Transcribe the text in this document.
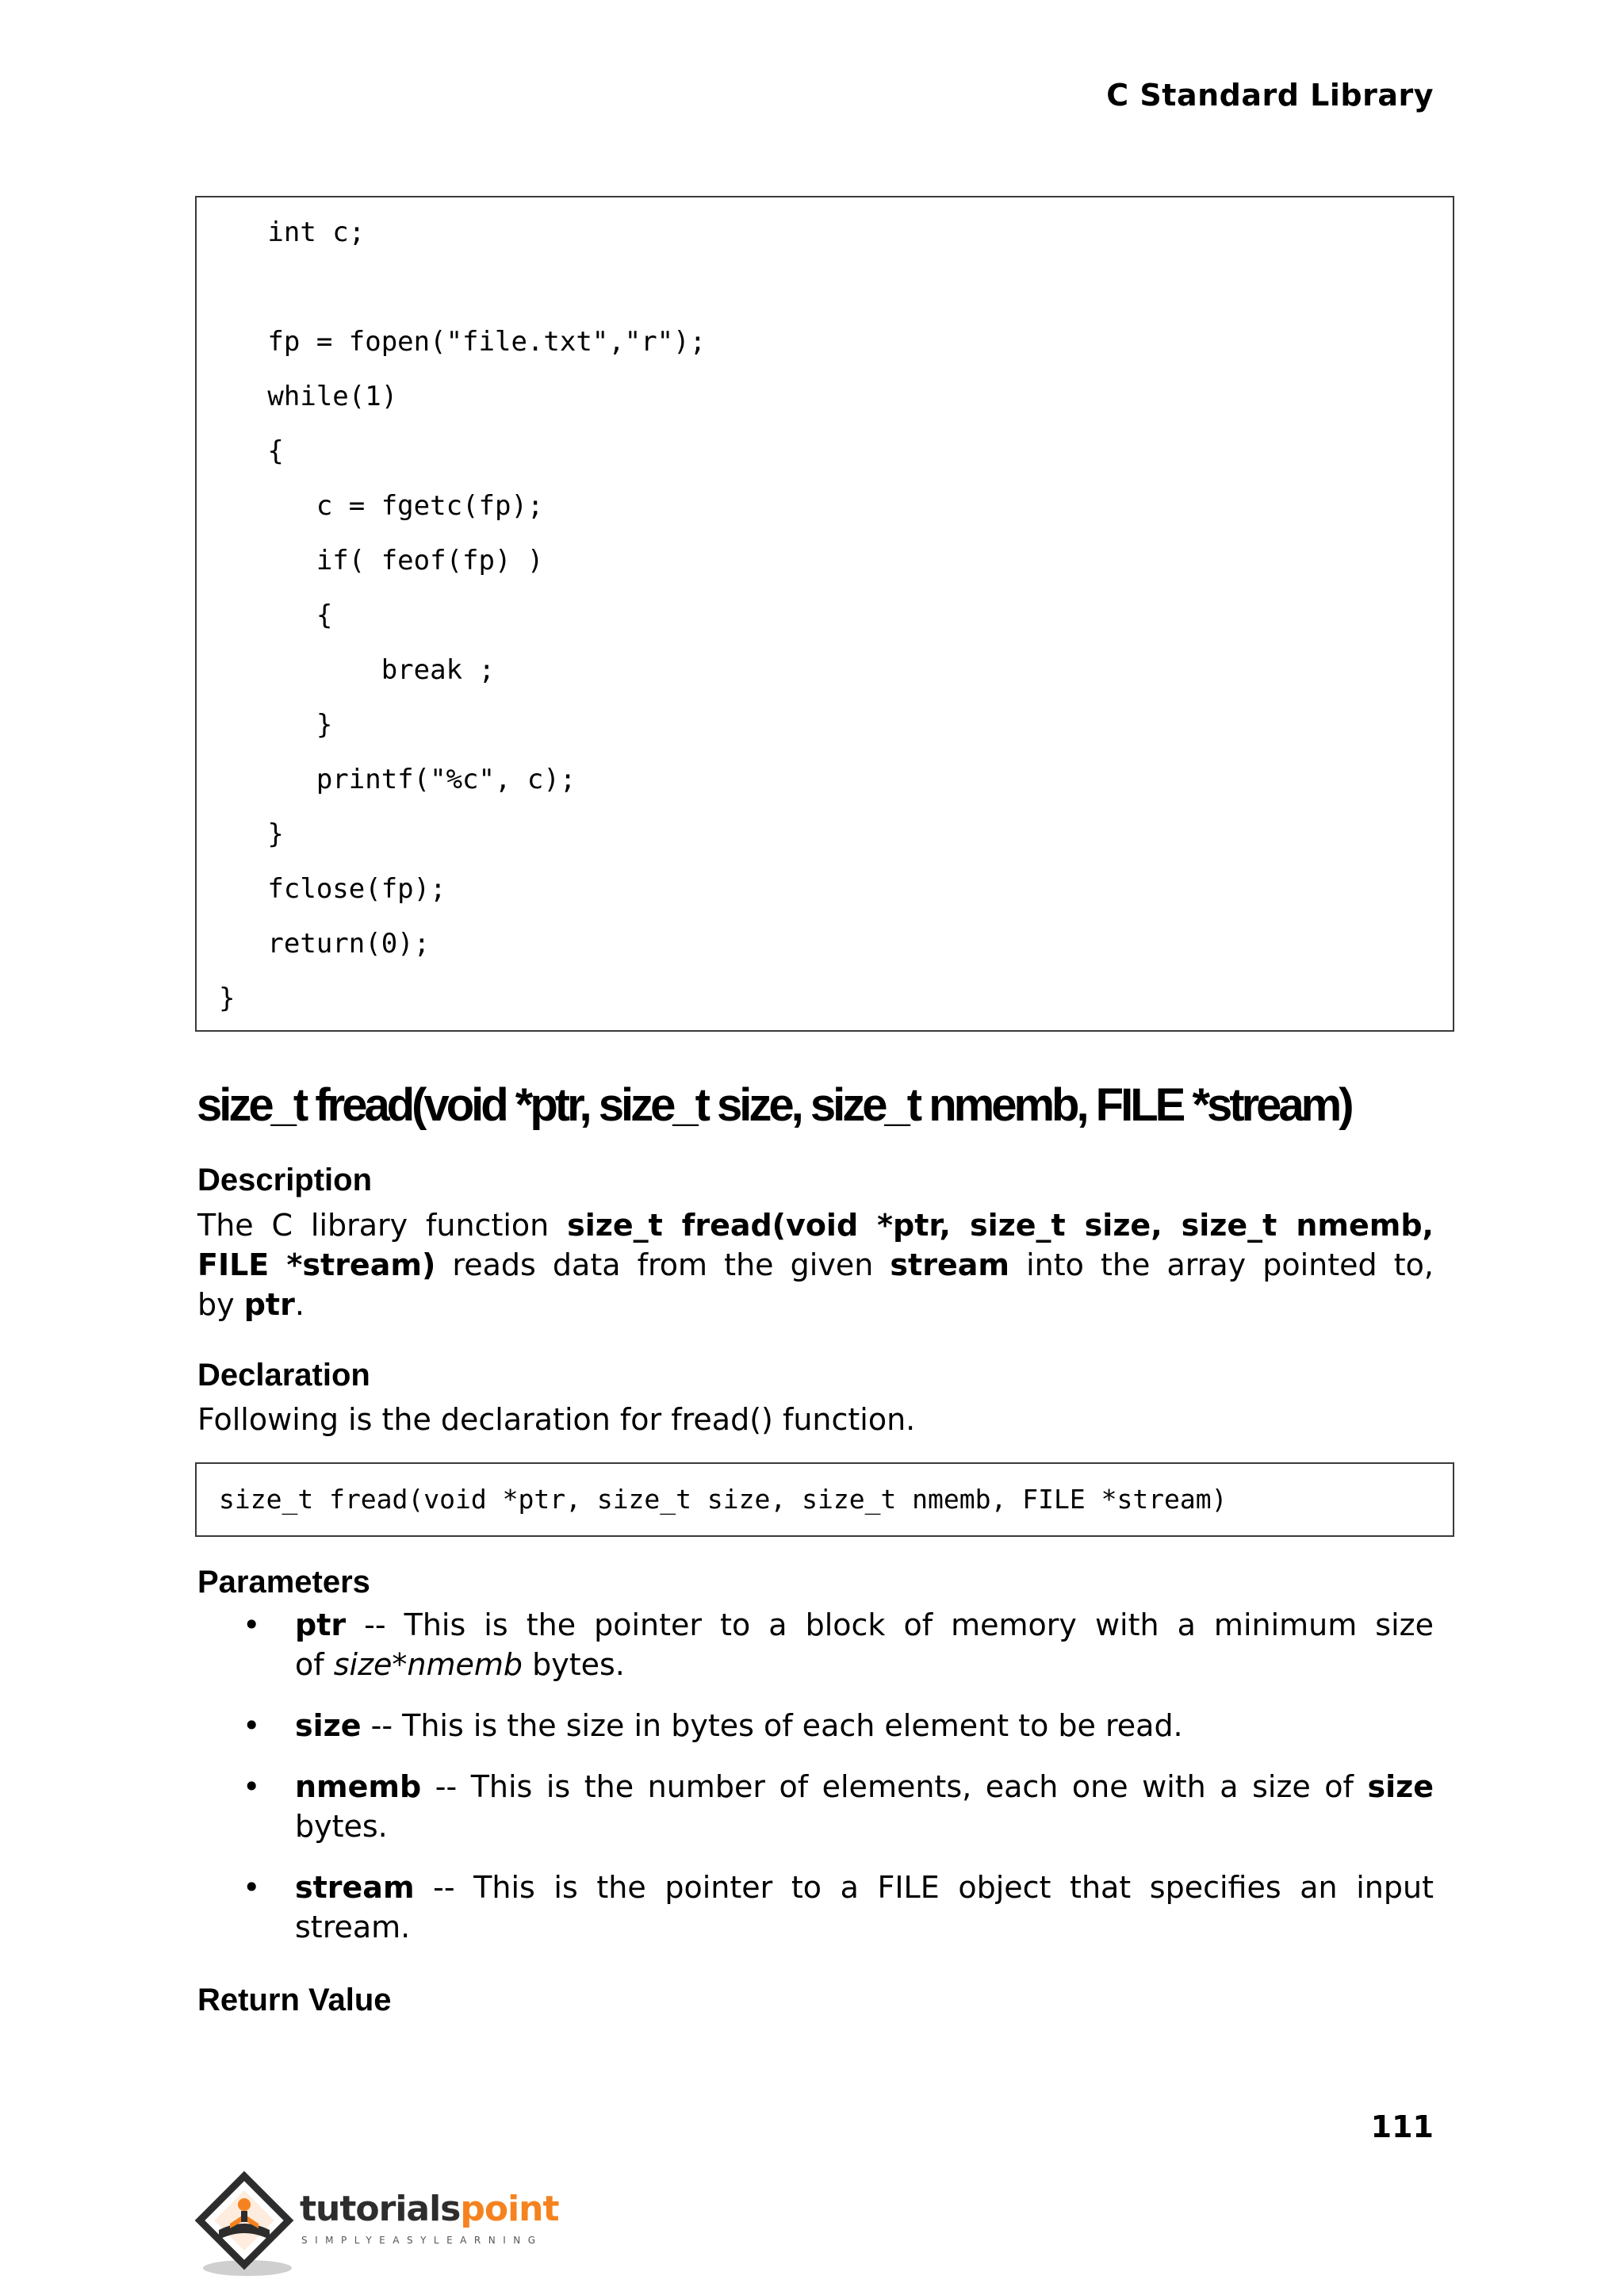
C Standard Library
int c;
fp = fopen("file.txt","r");
while(1)
{
c = fgetc(fp);
if( feof(fp) )
{
break ;
}
printf("%c", c);
}
fclose(fp);
return(0);
}
size_t fread(void *ptr, size_t size, size_t nmemb, FILE *stream)
Description
The C library function size_t fread(void *ptr, size_t size, size_t nmemb,
FILE *stream) reads data from the given stream into the array pointed to,
by ptr.
Declaration
Following is the declaration for fread() function.
size_t fread(void *ptr, size_t size, size_t nmemb, FILE *stream)
Parameters
•	ptr -- This is the pointer to a block of memory with a minimum size
of size*nmemb bytes.
•	size -- This is the size in bytes of each element to be read.
•	nmemb -- This is the number of elements, each one with a size of size
bytes.
•	stream -- This is the pointer to a FILE object that specifies an input
stream.
Return Value
111
tutorialspoint
SIMPLYEASYLEARNING
